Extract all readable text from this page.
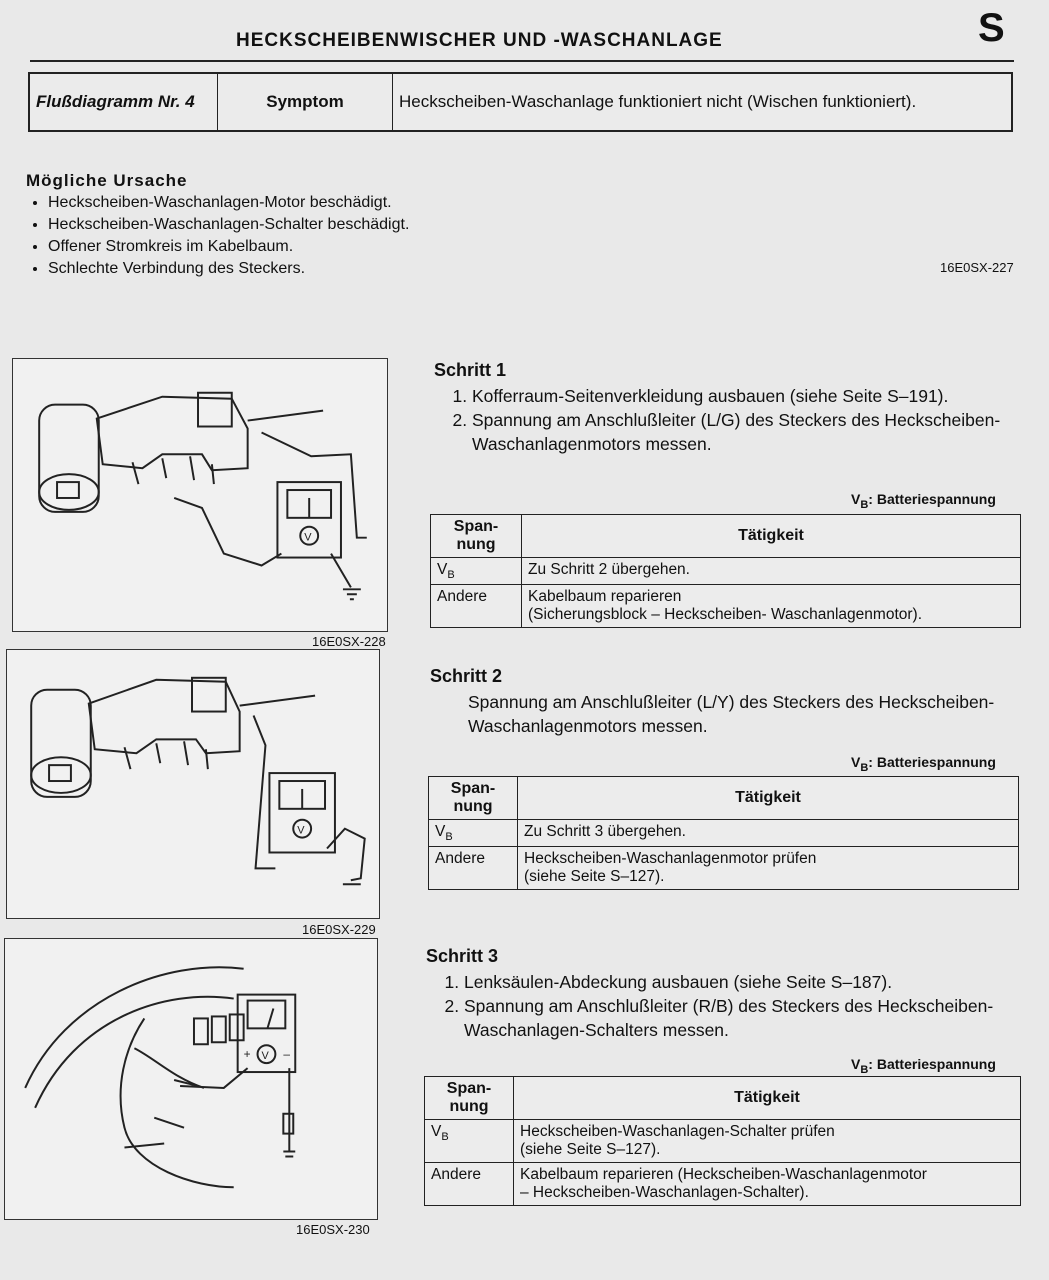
HECKSCHEIBENWISCHER UND -WASCHANLAGE	S
Flußdiagramm Nr. 4	Symptom	Heckscheiben-Waschanlage funktioniert nicht (Wischen funktioniert).
Mögliche Ursache
• Heckscheiben-Waschanlagen-Motor beschädigt.
• Heckscheiben-Waschanlagen-Schalter beschädigt.
• Offener Stromkreis im Kabelbaum.
• Schlechte Verbindung des Steckers.	16E0SX-227
V
16E0SX-228
V
16E0SX-229
+	–
V
16E0SX-230
Schritt 1
1. Kofferraum-Seitenverkleidung ausbauen (siehe Seite S–191).
2. Spannung am Anschlußleiter (L/G) des Steckers des Heckscheiben-Waschanlagenmotors messen.
$V_B$: Batteriespannung
Span-
nung	Tätigkeit
$V_B$	Zu Schritt 2 übergehen.
Andere	Kabelbaum reparieren
(Sicherungsblock – Heckscheiben- Waschanlagenmotor).
Schritt 2

Spannung am Anschlußleiter (L/Y) des Steckers des Heckscheiben-Waschanlagenmotors messen.

$V_B$: Batteriespannung
Span-
nung	Tätigkeit
$V_B$	Zu Schritt 3 übergehen.
Andere	Heckscheiben-Waschanlagenmotor prüfen
(siehe Seite S–127).
Schritt 3
1. Lenksäulen-Abdeckung ausbauen (siehe Seite S–187).
2. Spannung am Anschlußleiter (R/B) des Steckers des Heckscheiben-Waschanlagen-Schalters messen.
$V_B$: Batteriespannung
Span-
nung	Tätigkeit
$V_B$	Heckscheiben-Waschanlagen-Schalter prüfen
(siehe Seite S–127).
Andere	Kabelbaum reparieren (Heckscheiben-Waschanlagenmotor
– Heckscheiben-Waschanlagen-Schalter).
